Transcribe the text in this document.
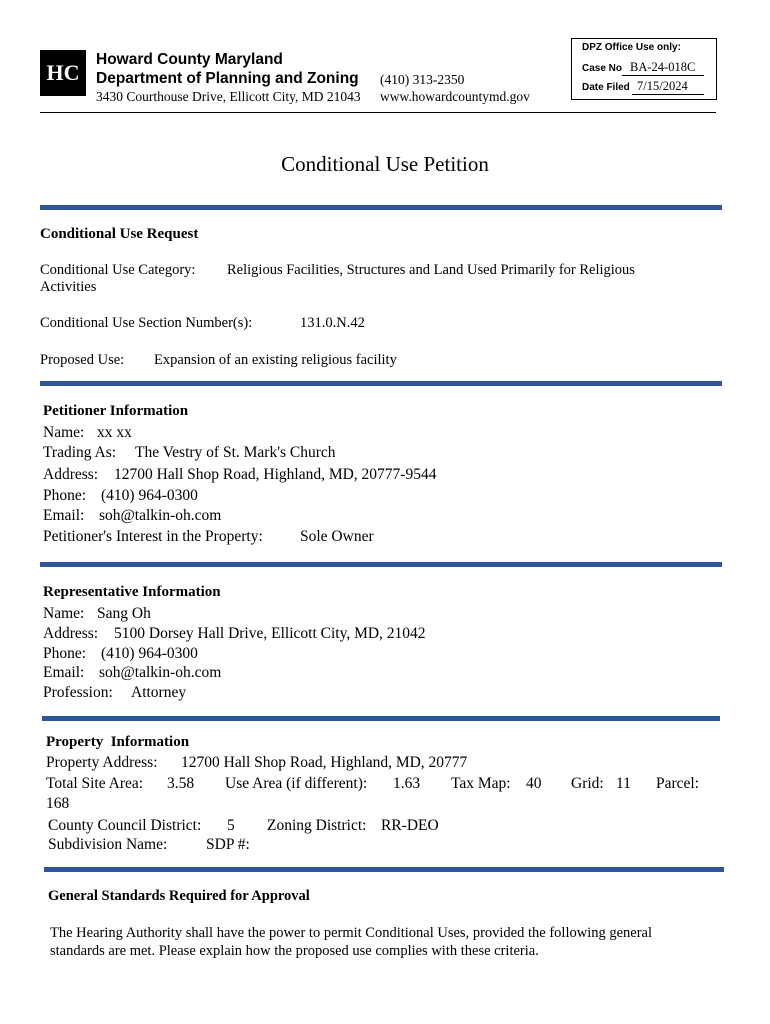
HC
Howard County Maryland
Department of Planning and Zoning
3430 Courthouse Drive, Ellicott City, MD 21043
(410) 313-2350
www.howardcountymd.gov
DPZ Office Use only:
Case No BA-24-018C
Date Filed 7/15/2024
Conditional Use Petition
Conditional Use Request
Conditional Use Category: Religious Facilities, Structures and Land Used Primarily for Religious
Activities
Conditional Use Section Number(s):	131.0.N.42
Proposed Use: Expansion of an existing religious facility
Petitioner Information
Name: xx xx
Trading As: The Vestry of St. Mark's Church
Address: 12700 Hall Shop Road, Highland, MD, 20777-9544
Phone: (410) 964-0300
Email: soh@talkin-oh.com
Petitioner's Interest in the Property: Sole Owner
Representative Information
Name: Sang Oh
Address: 5100 Dorsey Hall Drive, Ellicott City, MD, 21042
Phone: (410) 964-0300
Email: soh@talkin-oh.com
Profession: Attorney
Property  Information
Property Address: 12700 Hall Shop Road, Highland, MD, 20777
Total Site Area: 3.58 Use Area (if different): 1.63 Tax Map: 40 Grid: 11 Parcel:
168
County Council District: 5 Zoning District: RR-DEO
Subdivision Name: SDP #:
General Standards Required for Approval
The Hearing Authority shall have the power to permit Conditional Uses, provided the following general
standards are met. Please explain how the proposed use complies with these criteria.
